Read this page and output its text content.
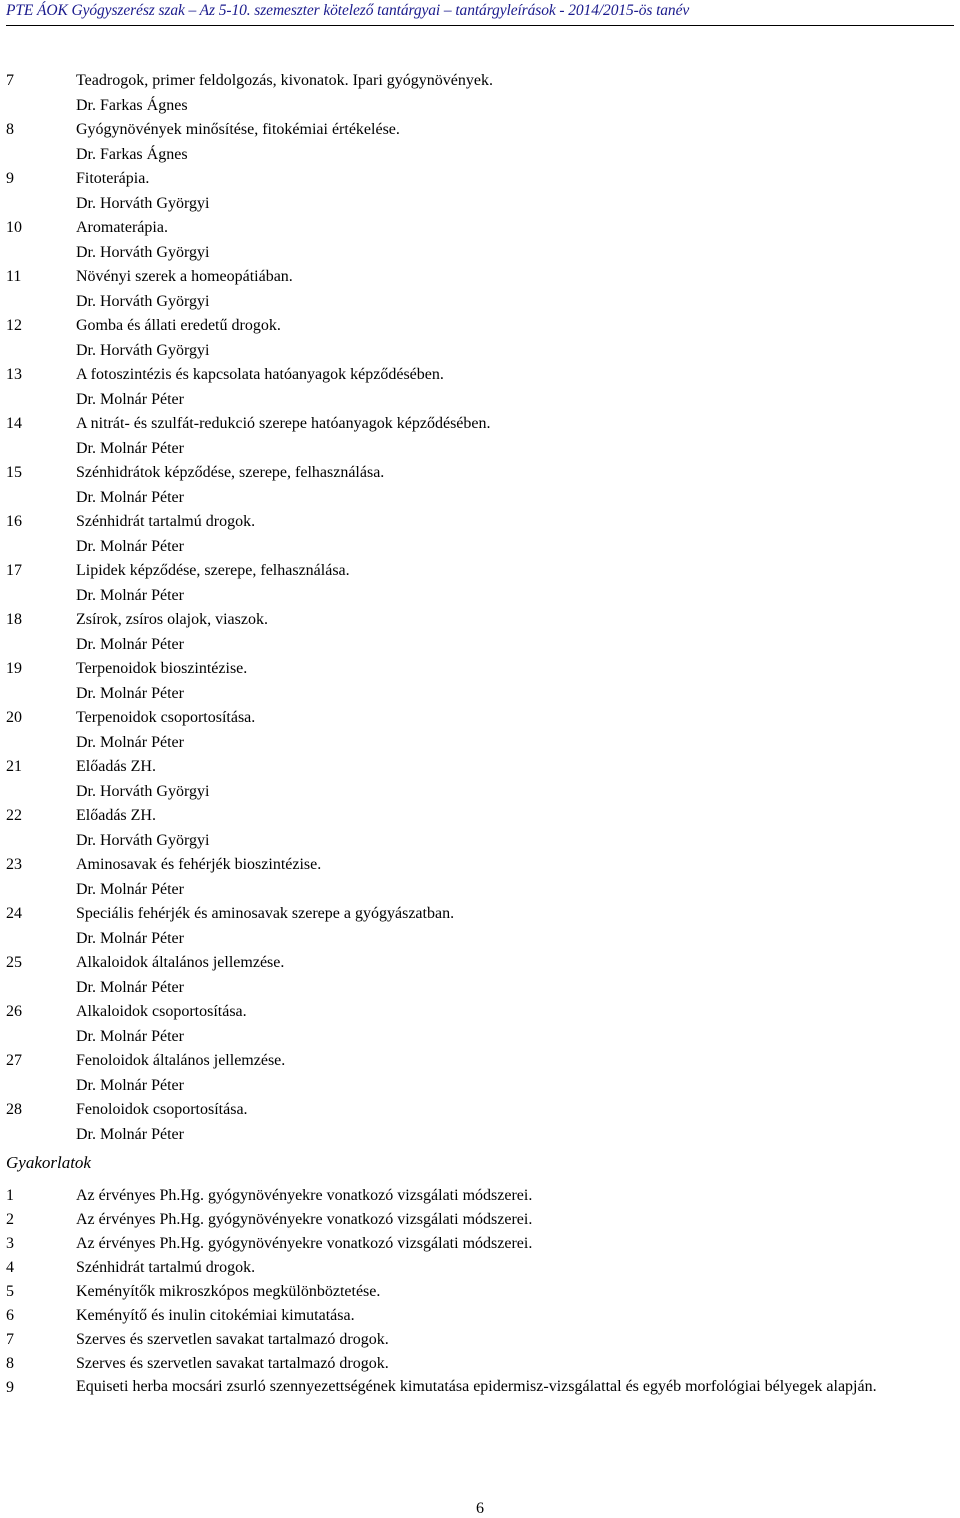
PTE ÁOK Gyógyszerész szak – Az 5-10. szemeszter kötelező tantárgyai – tantárgyleírások - 2014/2015-ös tanév
7	Teadrogok, primer feldolgozás, kivonatok. Ipari gyógynövények.
Dr. Farkas Ágnes
8	Gyógynövények minősítése, fitokémiai értékelése.
Dr. Farkas Ágnes
9	Fitoterápia.
Dr. Horváth Györgyi
10	Aromaterápia.
Dr. Horváth Györgyi
11	Növényi szerek a homeopátiában.
Dr. Horváth Györgyi
12	Gomba és állati eredetű drogok.
Dr. Horváth Györgyi
13	A fotoszintézis és kapcsolata hatóanyagok képződésében.
Dr. Molnár Péter
14	A nitrát- és szulfát-redukció szerepe hatóanyagok képződésében.
Dr. Molnár Péter
15	Szénhidrátok képződése, szerepe, felhasználása.
Dr. Molnár Péter
16	Szénhidrát tartalmú drogok.
Dr. Molnár Péter
17	Lipidek képződése, szerepe, felhasználása.
Dr. Molnár Péter
18	Zsírok, zsíros olajok, viaszok.
Dr. Molnár Péter
19	Terpenoidok bioszintézise.
Dr. Molnár Péter
20	Terpenoidok csoportosítása.
Dr. Molnár Péter
21	Előadás ZH.
Dr. Horváth Györgyi
22	Előadás ZH.
Dr. Horváth Györgyi
23	Aminosavak és fehérjék bioszintézise.
Dr. Molnár Péter
24	Speciális fehérjék és aminosavak szerepe a gyógyászatban.
Dr. Molnár Péter
25	Alkaloidok általános jellemzése.
Dr. Molnár Péter
26	Alkaloidok csoportosítása.
Dr. Molnár Péter
27	Fenoloidok általános jellemzése.
Dr. Molnár Péter
28	Fenoloidok csoportosítása.
Dr. Molnár Péter
Gyakorlatok
1	Az érvényes Ph.Hg. gyógynövényekre vonatkozó vizsgálati módszerei.
2	Az érvényes Ph.Hg. gyógynövényekre vonatkozó vizsgálati módszerei.
3	Az érvényes Ph.Hg. gyógynövényekre vonatkozó vizsgálati módszerei.
4	Szénhidrát tartalmú drogok.
5	Keményítők mikroszkópos megkülönböztetése.
6	Keményítő és inulin citokémiai kimutatása.
7	Szerves és szervetlen savakat tartalmazó drogok.
8	Szerves és szervetlen savakat tartalmazó drogok.
9	Equiseti herba mocsári zsurló szennyezettségének kimutatása epidermisz-vizsgálattal és egyéb morfológiai bélyegek alapján.
6
